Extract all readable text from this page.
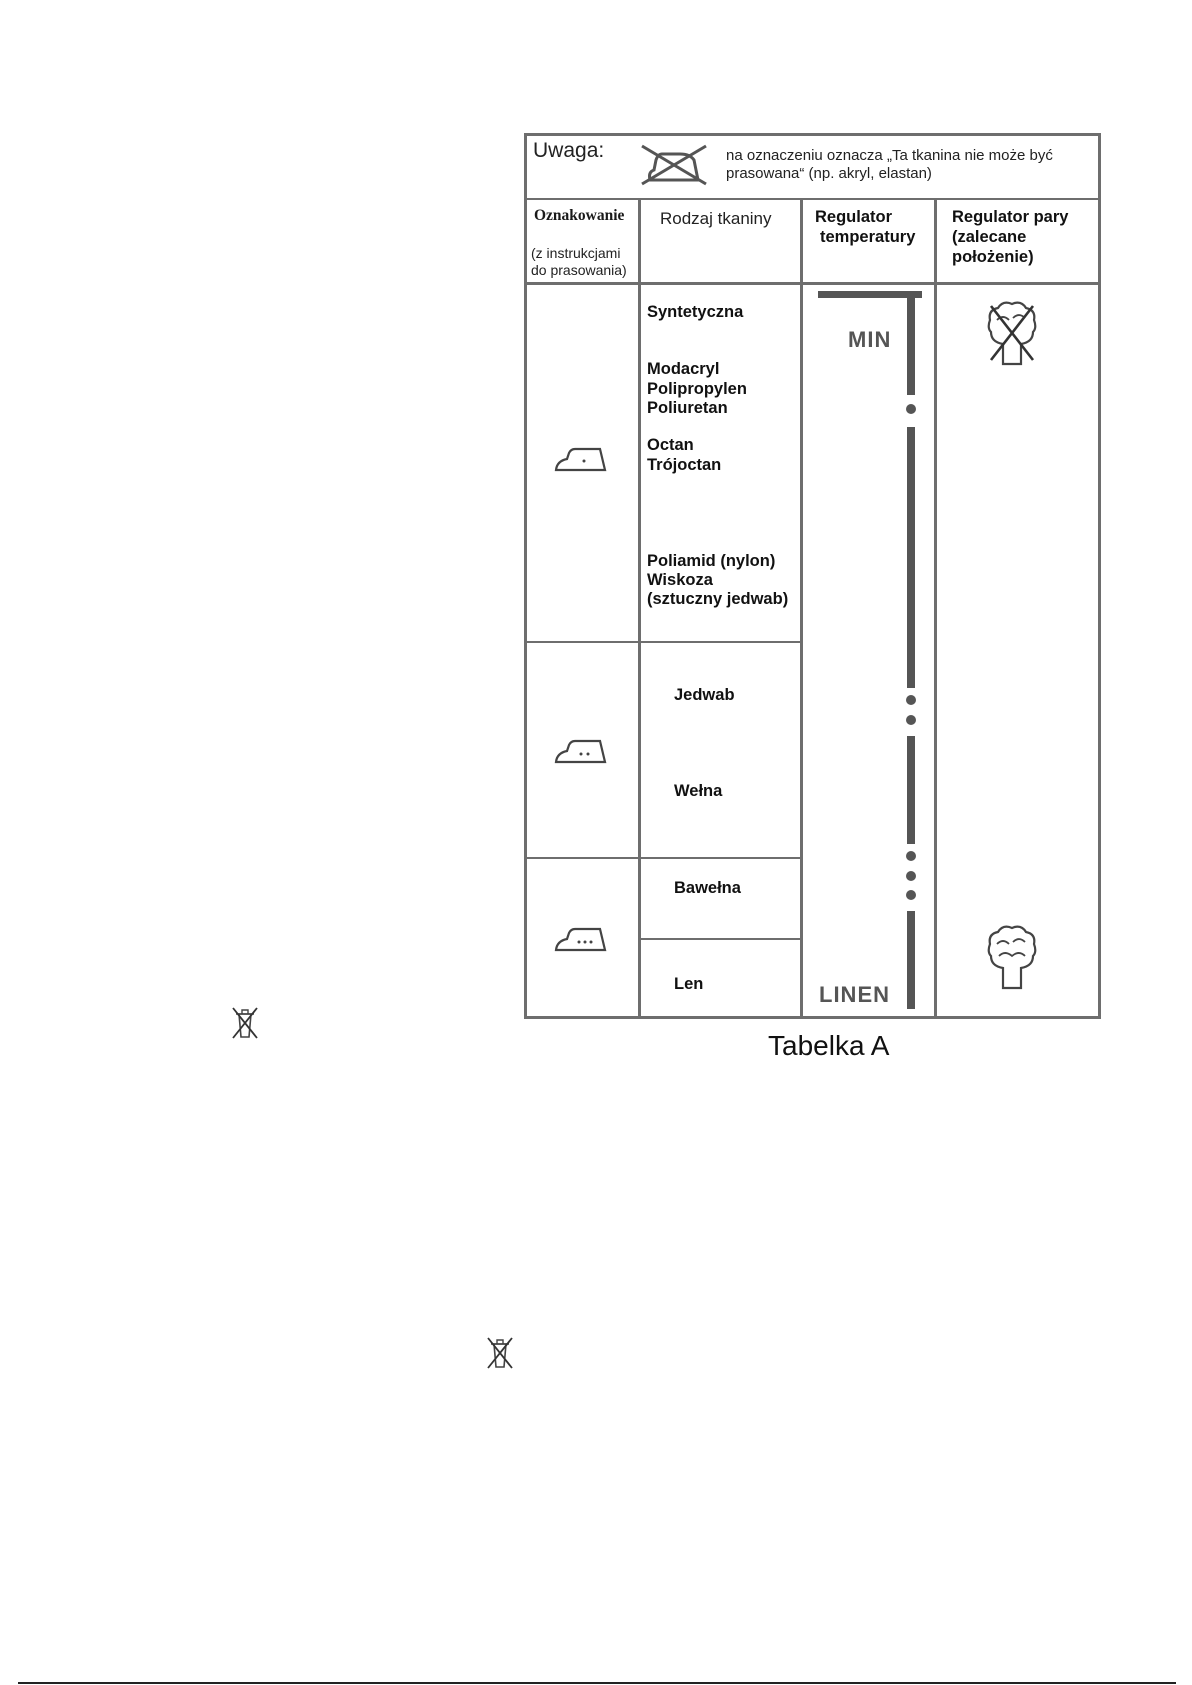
Uwaga:	na oznaczeniu oznacza „Ta tkanina nie może być
prasowana“ (np. akryl, elastan)
Oznakowanie
(z instrukcjami
do prasowania)
Rodzaj tkaniny	Regulator
temperatury
Regulator pary
(zalecane
położenie)
Syntetyczna
Modacryl
Polipropylen
Poliuretan
Octan
Trójoctan
Poliamid (nylon)
Wiskoza
(sztuczny jedwab)
Jedwab
Wełna
Bawełna
Len
MIN
LINEN
Tabelka A
